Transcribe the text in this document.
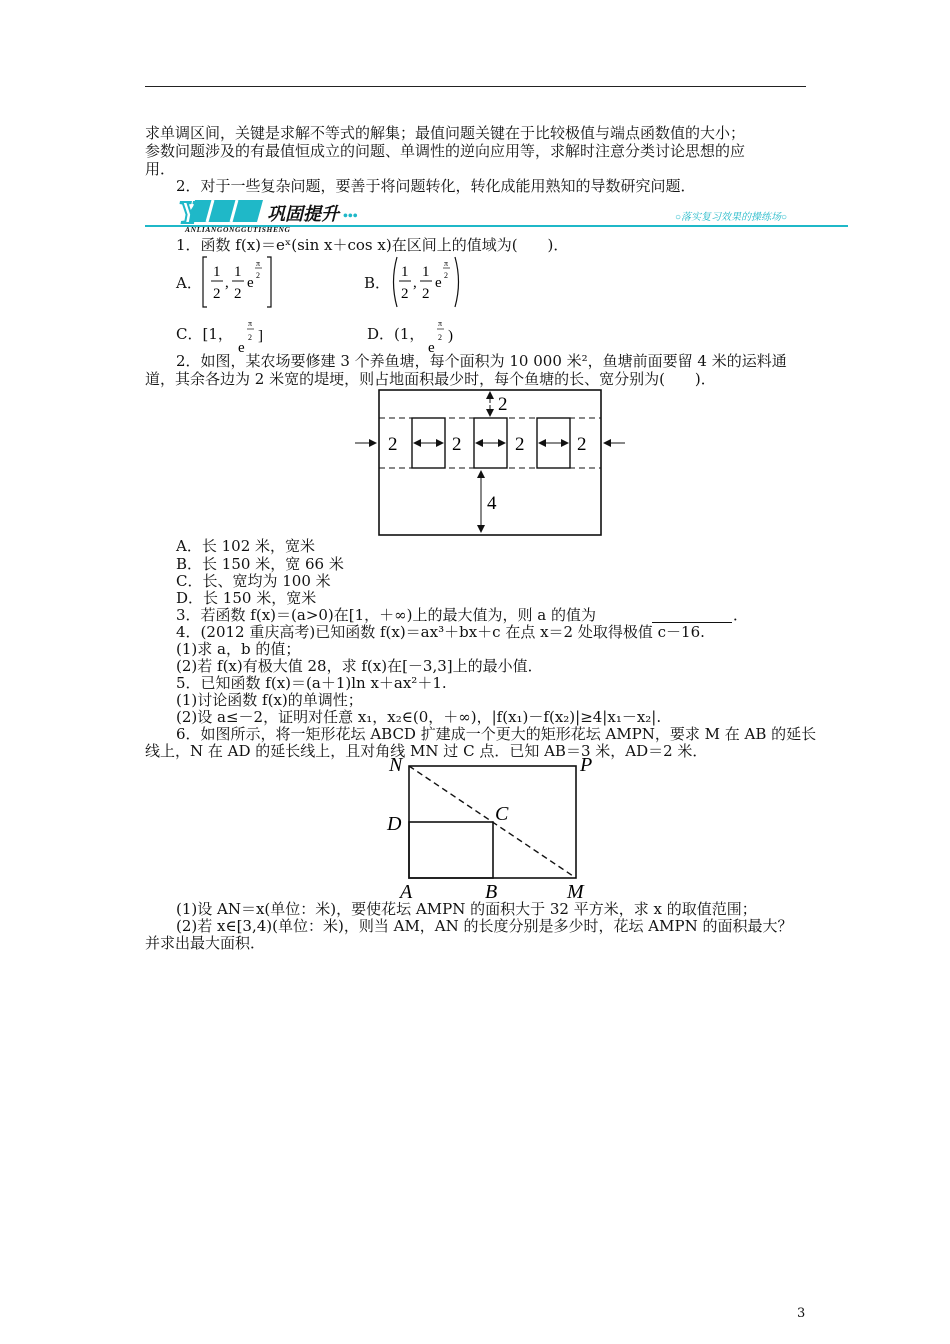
求单调区间，关键是求解不等式的解集；最值问题关键在于比较极值与端点函数值的大小；
参数问题涉及的有最值恒成立的问题、单调性的逆向应用等，求解时注意分类讨论思想的应
用．
2．对于一些复杂问题，要善于将问题转化，转化成能用熟知的导数研究问题．
Y	巩固提升 •••
ANLIANGONGGUTISHENG
○落实复习效果的操练场○
1．函数 f(x)＝eˣ(sin x＋cos x)在区间上的值域为(　　)．
A．
1
2
,
1
2
e
π
2	B．
1
2
,
1
2
e
π
2
C．[1，
e
π
2 ]	D．(1，
e
π
2 )
2．如图，某农场要修建 3 个养鱼塘，每个面积为 10 000 米²，鱼塘前面要留 4 米的运料通
道，其余各边为 2 米宽的堤埂，则占地面积最少时，每个鱼塘的长、宽分别为(　　)．
2
2	2	2	2
4
A．长 102 米，宽米
B．长 150 米，宽 66 米
C．长、宽均为 100 米
D．长 150 米，宽米
3．若函数 f(x)＝(a>0)在[1，＋∞)上的最大值为，则 a 的值为	．
4．(2012 重庆高考)已知函数 f(x)＝ax³＋bx＋c 在点 x＝2 处取得极值 c－16.
(1)求 a，b 的值；
(2)若 f(x)有极大值 28，求 f(x)在[－3,3]上的最小值．
5．已知函数 f(x)＝(a＋1)ln x＋ax²＋1.
(1)讨论函数 f(x)的单调性；
(2)设 a≤－2，证明对任意 x₁，x₂∈(0，＋∞)，|f(x₁)－f(x₂)|≥4|x₁－x₂|.
6．如图所示，将一矩形花坛 ABCD 扩建成一个更大的矩形花坛 AMPN，要求 M 在 AB 的延长
线上，N 在 AD 的延长线上，且对角线 MN 过 C 点．已知 AB＝3 米，AD＝2 米．
N	P
C
D
A	B	M
(1)设 AN＝x(单位：米)，要使花坛 AMPN 的面积大于 32 平方米，求 x 的取值范围；
(2)若 x∈[3,4)(单位：米)，则当 AM，AN 的长度分别是多少时，花坛 AMPN 的面积最大？
并求出最大面积．
3
